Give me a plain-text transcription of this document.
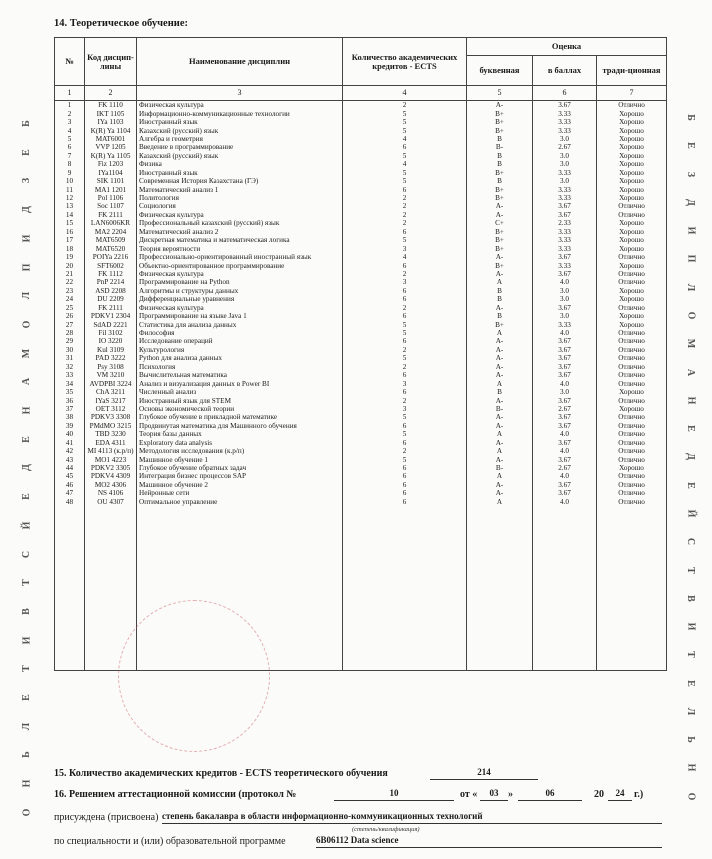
14. Теоретическое обучение:
№	Код дисцип-лины	Наименование дисциплин	Количество академических кредитов - ECTS	Оценка		
				буквенная	в баллах	тради-ционная
1	2	3	4	5	6	7
1	FK 1110	Физическая культура	2	A-	3.67	Отлично
2	IKT 1105	Информационно-коммуникационные технологии	5	B+	3.33	Хорошо
3	IYa 1103	Иностранный язык	5	B+	3.33	Хорошо
4	K(R) Ya 1104	Казахский (русский) язык	5	B+	3.33	Хорошо
5	MAT6001	Алгебра и геометрия	4	B	3.0	Хорошо
6	VVP 1205	Введение в программирование	6	B-	2.67	Хорошо
7	K(R) Ya 1105	Казахский (русский) язык	5	B	3.0	Хорошо
8	Fiz 1203	Физика	4	B	3.0	Хорошо
9	IYa1104	Иностранный язык	5	B+	3.33	Хорошо
10	SIK 1101	Современная История Казахстана (ГЭ)	5	B	3.0	Хорошо
11	MA1 1201	Математический анализ 1	6	B+	3.33	Хорошо
12	Pol 1106	Политология	2	B+	3.33	Хорошо
13	Soc 1107	Социология	2	A-	3.67	Отлично
14	FK 2111	Физическая культура	2	A-	3.67	Отлично
15	LAN6006KR	Профессиональный казахский (русский) язык	2	C+	2.33	Хорошо
16	MA2 2204	Математический анализ 2	6	B+	3.33	Хорошо
17	MAT6509	Дискретная математика и математическая логика	5	B+	3.33	Хорошо
18	MAT6520	Теория вероятности	3	B+	3.33	Хорошо
19	POIYa 2216	Профессионально-ориентированный иностранный язык	4	A-	3.67	Отлично
20	SFT6002	Объектно-ориентированное программирование	6	B+	3.33	Хорошо
21	FK 1112	Физическая культура	2	A-	3.67	Отлично
22	PnP 2214	Программирование на Python	3	A	4.0	Отлично
23	ASD 2208	Алгоритмы и структуры данных	6	B	3.0	Хорошо
24	DU 2209	Дифференциальные уравнения	6	B	3.0	Хорошо
25	FK 2111	Физическая культура	2	A-	3.67	Отлично
26	PDKV1 2304	Программирование на языке Java 1	6	B	3.0	Хорошо
27	SdAD 2221	Статистика для анализа данных	5	B+	3.33	Хорошо
28	Fil 3102	Философия	5	A	4.0	Отлично
29	IO 3220	Исследование операций	6	A-	3.67	Отлично
30	Kul 3109	Культурология	2	A-	3.67	Отлично
31	PAD 3222	Python для анализа данных	5	A-	3.67	Отлично
32	Psy 3108	Психология	2	A-	3.67	Отлично
33	VM 3210	Вычислительная математика	6	A-	3.67	Отлично
34	AVDPBI 3224	Анализ и визуализация данных в Power BI	3	A	4.0	Отлично
35	ChA 3211	Численный анализ	6	B	3.0	Хорошо
36	IYaS 3217	Иностранный язык для STEM	2	A-	3.67	Отлично
37	OET 3112	Основы экономической теории	3	B-	2.67	Хорошо
38	PDKV3 3308	Глубокое обучение в прикладной математике	5	A-	3.67	Отлично
39	PMdMO 3215	Продвинутая математика для Машинного обучения	6	A-	3.67	Отлично
40	TBD 3230	Теория базы данных	5	A	4.0	Отлично
41	EDA 4311	Exploratory data analysis	6	A-	3.67	Отлично
42	MI 4113 (к.р/п)	Методология исследования (к.р/п)	2	A	4.0	Отлично
43	MO1 4223	Машинное обучение 1	5	A-	3.67	Отлично
44	PDKV2 3305	Глубокое обучение обратных задач	6	B-	2.67	Хорошо
45	PDKV4 4309	Интеграция бизнес процессов SAP	6	A	4.0	Отлично
46	MO2 4306	Машинное обучение 2	6	A-	3.67	Отлично
47	NS 4106	Нейронные сети	6	A-	3.67	Отлично
48	OU 4307	Оптимальное управление	6	A	4.0	Отлично
Б
Е
З
Д
И
П
Л
О
М
А
Н
Е
Д
Е
Й
С
Т
В
И
Т
Е
Л
Ь
Н
О
Б
Е
З
Д
И
П
Л
О
М
А
Н
Е
Д
Е
Й
С
Т
В
И
Т
Е
Л
Ь
Н
О
15. Количество академических кредитов - ECTS теоретического обучения	214
16. Решением аттестационной комиссии (протокол №	10	от «	03 »	06	20	24 г.)
присуждена (присвоена) степень бакалавра в области информационно-коммуникационных технологий
(степень/квалификация)
по специальности и (или) образовательной программе	6В06112 Data science
